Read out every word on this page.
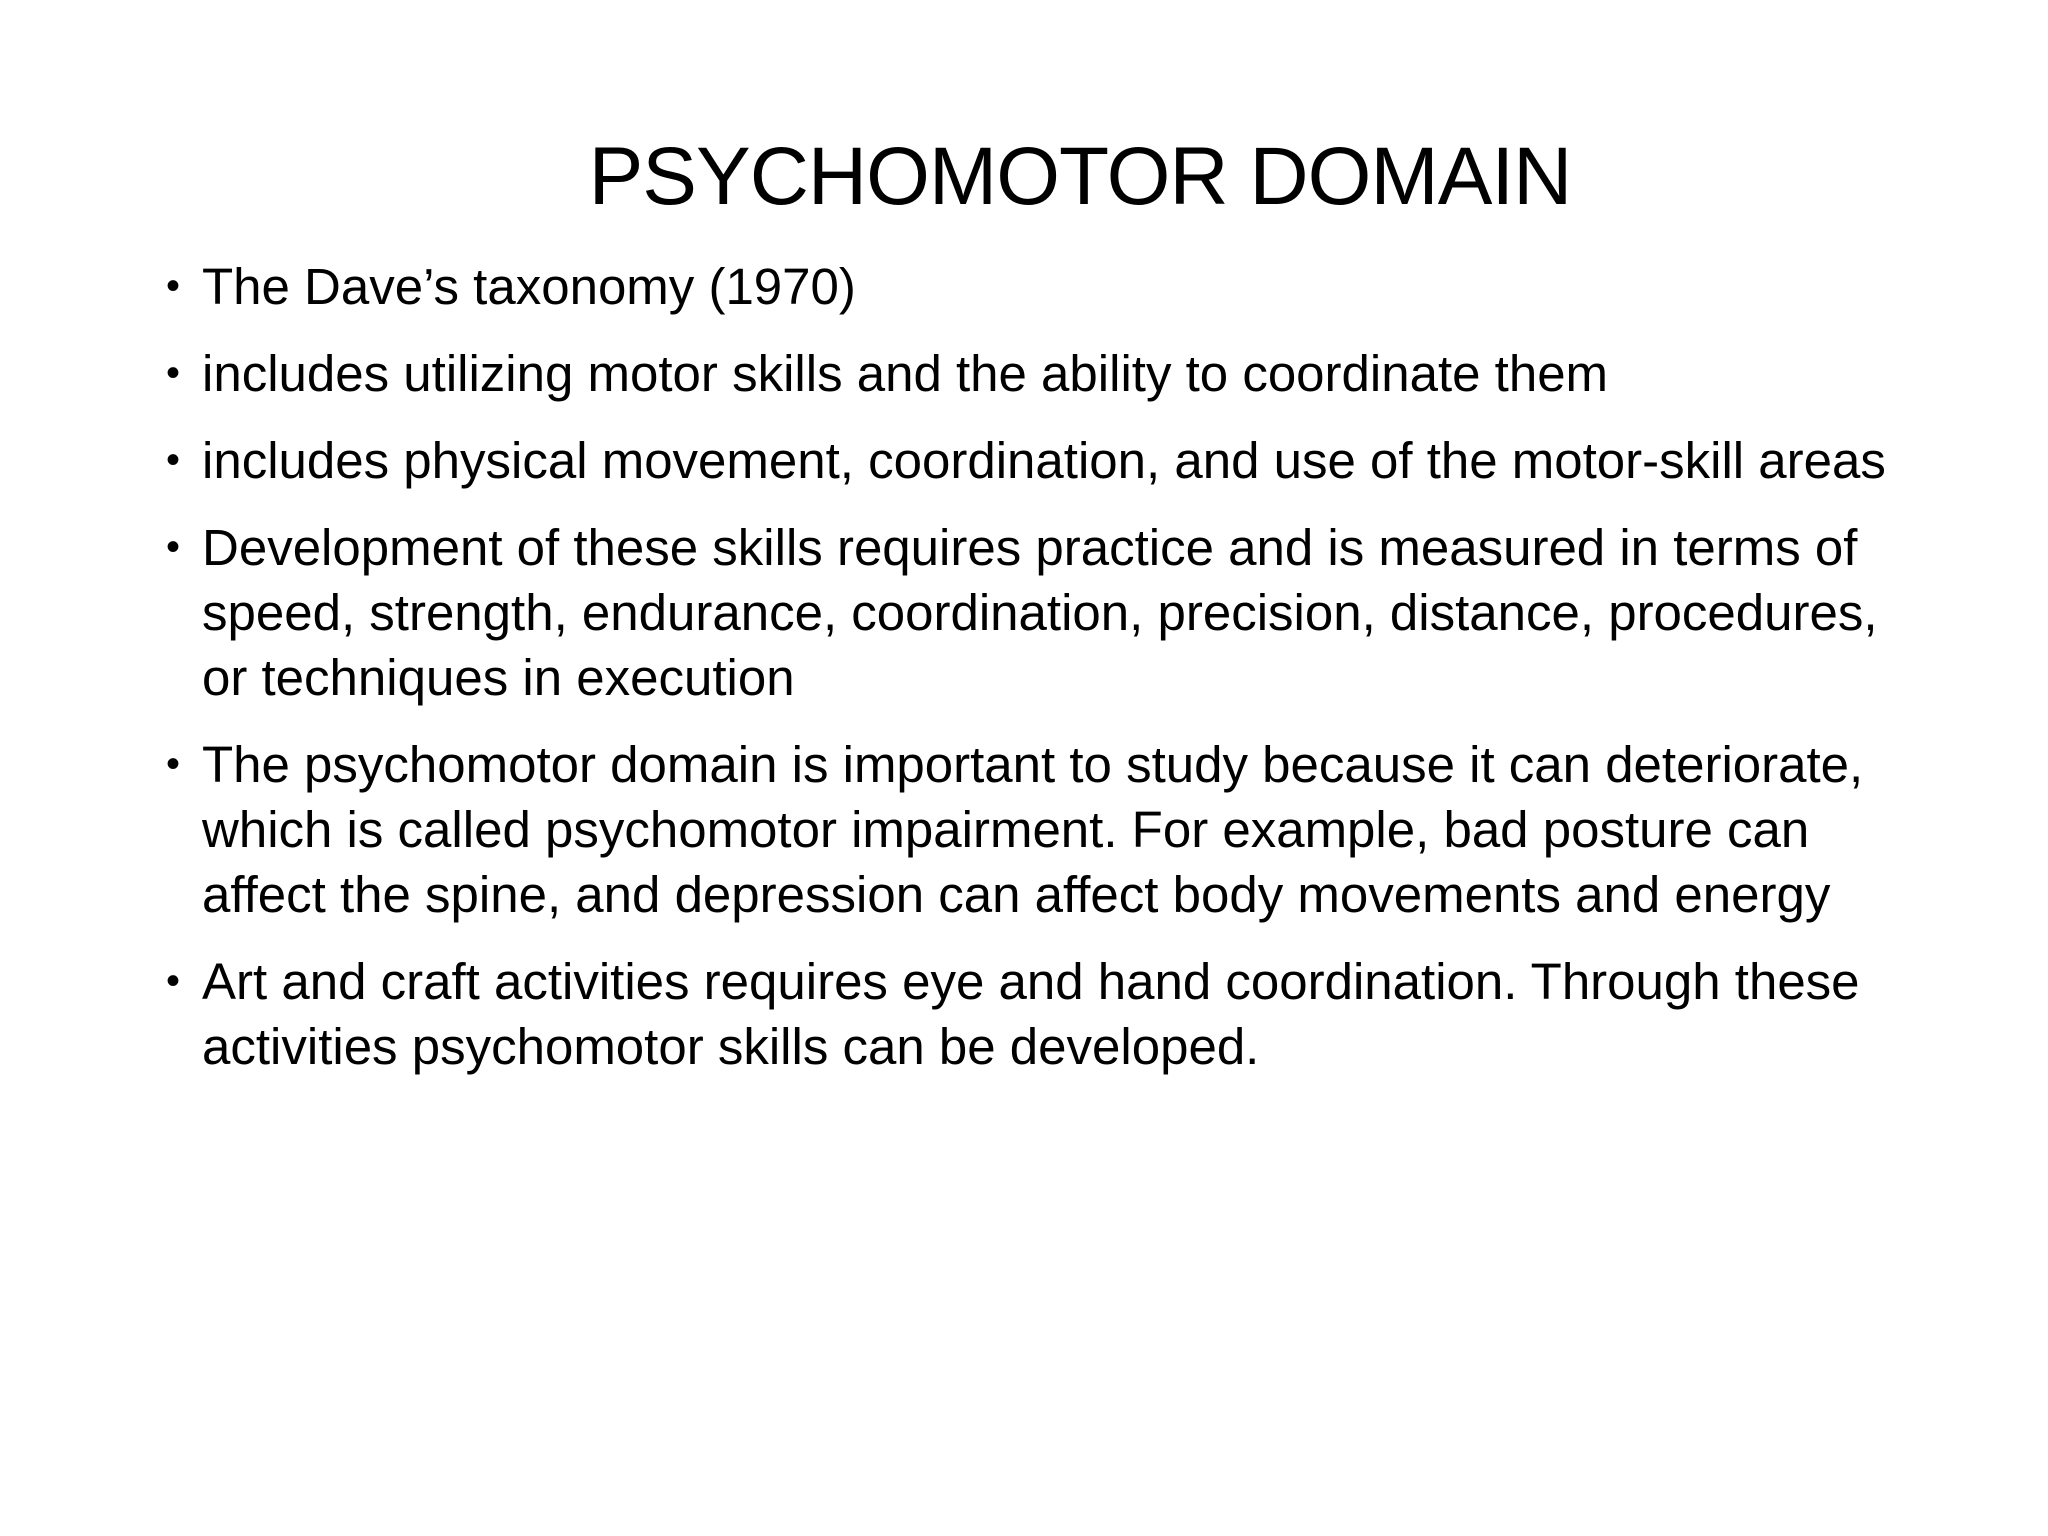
PSYCHOMOTOR DOMAIN
• The Dave’s taxonomy (1970)
• includes utilizing motor skills and the ability to coordinate them
• includes physical movement, coordination, and use of the motor-skill areas
• Development of these skills requires practice and is measured in terms of speed, strength, endurance, coordination, precision, distance, procedures, or techniques in execution
• The psychomotor domain is important to study because it can deteriorate, which is called psychomotor impairment. For example, bad posture can affect the spine, and depression can affect body movements and energy
• Art and craft activities requires eye and hand coordination. Through these activities psychomotor skills can be developed.
